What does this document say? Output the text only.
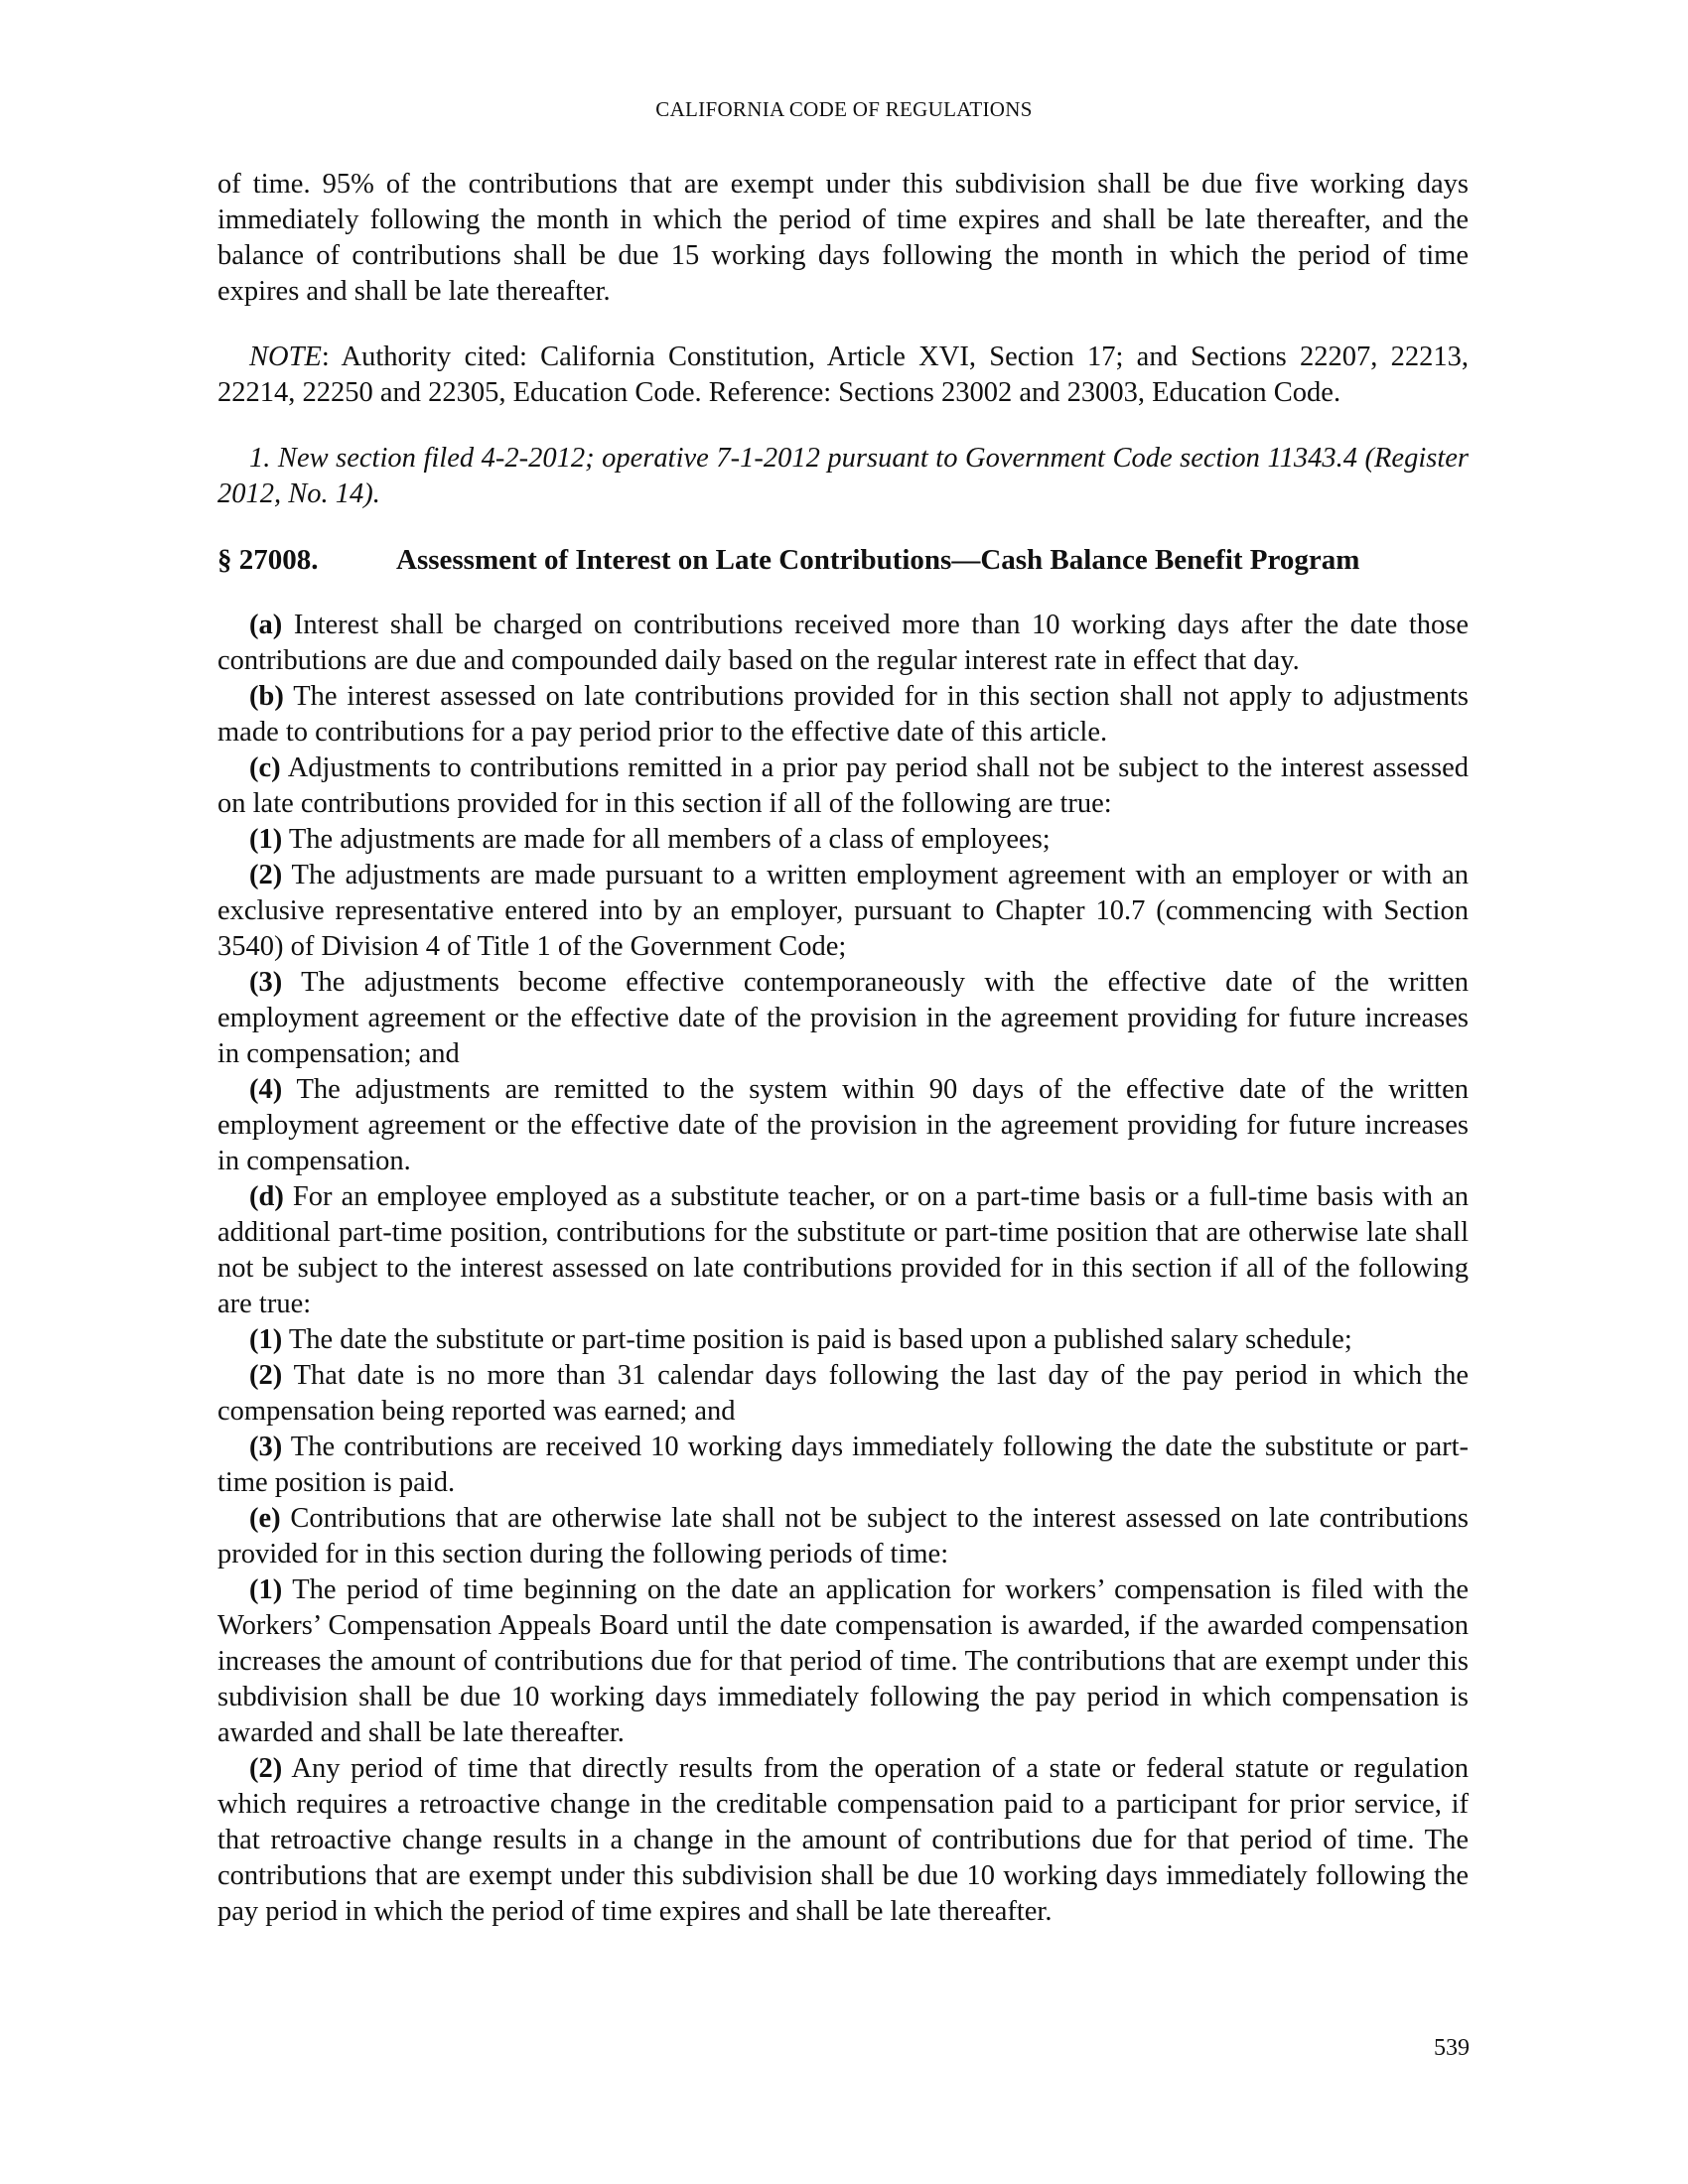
CALIFORNIA CODE OF REGULATIONS

of time. 95% of the contributions that are exempt under this subdivision shall be due five working days immediately following the month in which the period of time expires and shall be late thereafter, and the balance of contributions shall be due 15 working days following the month in which the period of time expires and shall be late thereafter.

NOTE: Authority cited: California Constitution, Article XVI, Section 17; and Sections 22207, 22213, 22214, 22250 and 22305, Education Code. Reference: Sections 23002 and 23003, Education Code.

1. New section filed 4-2-2012; operative 7-1-2012 pursuant to Government Code section 11343.4 (Register 2012, No. 14).

§ 27008.	Assessment of Interest on Late Contributions—Cash Balance Benefit Program

(a) Interest shall be charged on contributions received more than 10 working days after the date those contributions are due and compounded daily based on the regular interest rate in effect that day.

(b) The interest assessed on late contributions provided for in this section shall not apply to adjustments made to contributions for a pay period prior to the effective date of this article.

(c) Adjustments to contributions remitted in a prior pay period shall not be subject to the interest assessed on late contributions provided for in this section if all of the following are true:

(1) The adjustments are made for all members of a class of employees;

(2) The adjustments are made pursuant to a written employment agreement with an employer or with an exclusive representative entered into by an employer, pursuant to Chapter 10.7 (commencing with Section 3540) of Division 4 of Title 1 of the Government Code;

(3) The adjustments become effective contemporaneously with the effective date of the written employment agreement or the effective date of the provision in the agreement providing for future increases in compensation; and

(4) The adjustments are remitted to the system within 90 days of the effective date of the written employment agreement or the effective date of the provision in the agreement providing for future increases in compensation.

(d) For an employee employed as a substitute teacher, or on a part-time basis or a full-time basis with an additional part-time position, contributions for the substitute or part-time position that are otherwise late shall not be subject to the interest assessed on late contributions provided for in this section if all of the following are true:

(1) The date the substitute or part-time position is paid is based upon a published salary schedule;

(2) That date is no more than 31 calendar days following the last day of the pay period in which the compensation being reported was earned; and

(3) The contributions are received 10 working days immediately following the date the substitute or part-time position is paid.

(e) Contributions that are otherwise late shall not be subject to the interest assessed on late contributions provided for in this section during the following periods of time:

(1) The period of time beginning on the date an application for workers’ compensation is filed with the Workers’ Compensation Appeals Board until the date compensation is awarded, if the awarded compensation increases the amount of contributions due for that period of time. The contributions that are exempt under this subdivision shall be due 10 working days immediately following the pay period in which compensation is awarded and shall be late thereafter.

(2) Any period of time that directly results from the operation of a state or federal statute or regulation which requires a retroactive change in the creditable compensation paid to a participant for prior service, if that retroactive change results in a change in the amount of contributions due for that period of time. The contributions that are exempt under this subdivision shall be due 10 working days immediately following the pay period in which the period of time expires and shall be late thereafter.

539
